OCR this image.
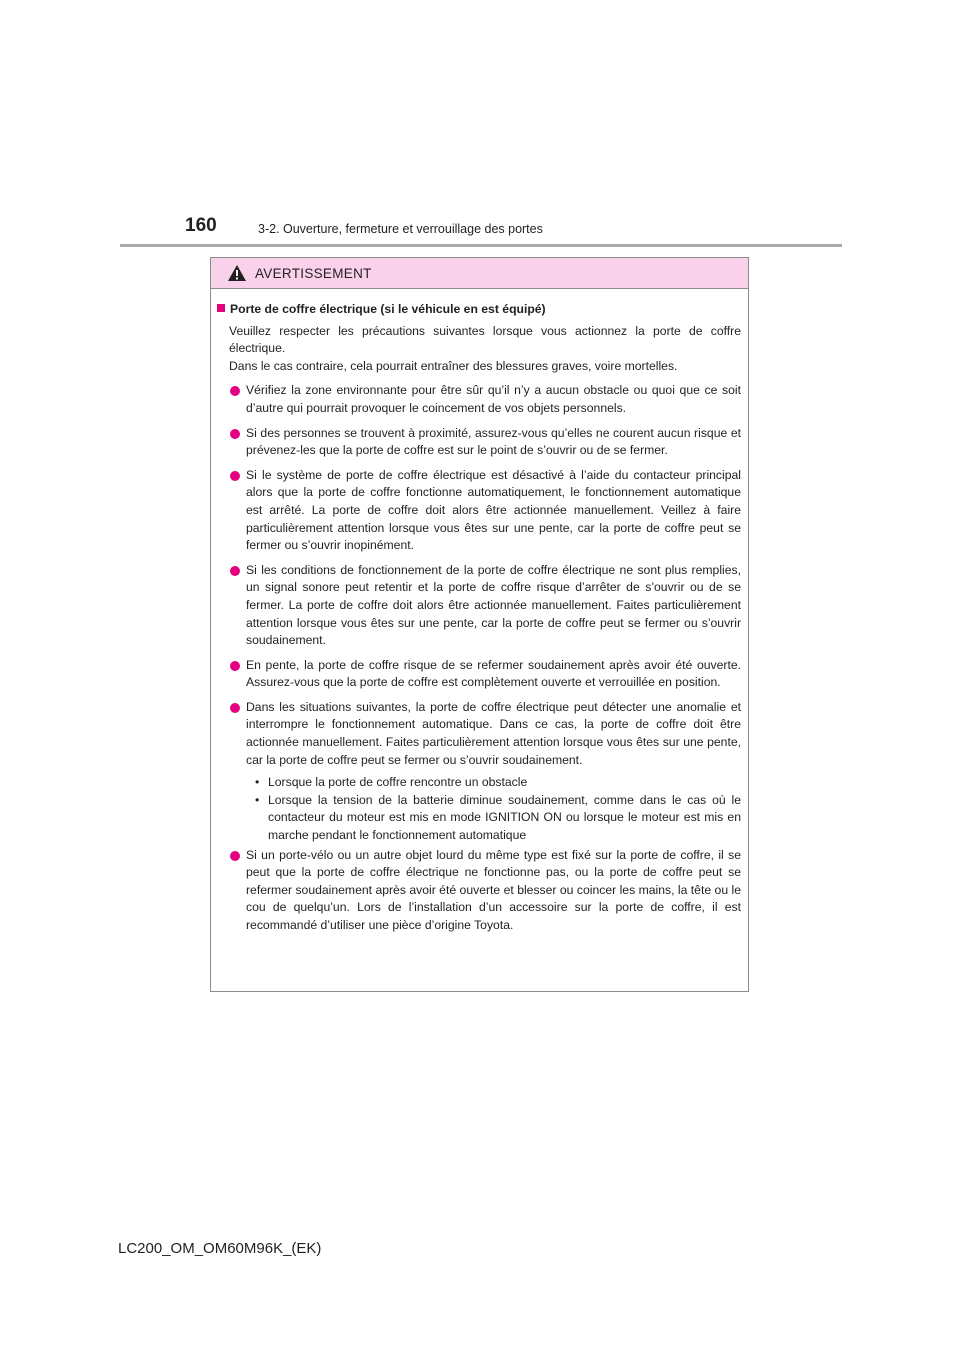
160	3-2. Ouverture, fermeture et verrouillage des portes
AVERTISSEMENT
Porte de coffre électrique (si le véhicule en est équipé)

Veuillez respecter les précautions suivantes lorsque vous actionnez la porte de coffre électrique.

Dans le cas contraire, cela pourrait entraîner des blessures graves, voire mortelles.

Vérifiez la zone environnante pour être sûr qu’il n’y a aucun obstacle ou quoi que ce soit d’autre qui pourrait provoquer le coincement de vos objets personnels.
Si des personnes se trouvent à proximité, assurez-vous qu’elles ne courent aucun risque et prévenez-les que la porte de coffre est sur le point de s’ouvrir ou de se fermer.
Si le système de porte de coffre électrique est désactivé à l’aide du contacteur principal alors que la porte de coffre fonctionne automatiquement, le fonctionnement automatique est arrêté. La porte de coffre doit alors être actionnée manuellement. Veillez à faire particulièrement attention lorsque vous êtes sur une pente, car la porte de coffre peut se fermer ou s’ouvrir inopinément.
Si les conditions de fonctionnement de la porte de coffre électrique ne sont plus remplies, un signal sonore peut retentir et la porte de coffre risque d’arrêter de s’ouvrir ou de se fermer. La porte de coffre doit alors être actionnée manuellement. Faites particulièrement attention lorsque vous êtes sur une pente, car la porte de coffre peut se fermer ou s’ouvrir soudainement.
En pente, la porte de coffre risque de se refermer soudainement après avoir été ouverte. Assurez-vous que la porte de coffre est complètement ouverte et verrouillée en position.
Dans les situations suivantes, la porte de coffre électrique peut détecter une anomalie et interrompre le fonctionnement automatique. Dans ce cas, la porte de coffre doit être actionnée manuellement. Faites particulièrement attention lorsque vous êtes sur une pente, car la porte de coffre peut se fermer ou s’ouvrir soudainement.
• Lorsque la porte de coffre rencontre un obstacle
• Lorsque la tension de la batterie diminue soudainement, comme dans le cas où le contacteur du moteur est mis en mode IGNITION ON ou lorsque le moteur est mis en marche pendant le fonctionnement automatique
Si un porte-vélo ou un autre objet lourd du même type est fixé sur la porte de coffre, il se peut que la porte de coffre électrique ne fonctionne pas, ou la porte de coffre peut se refermer soudainement après avoir été ouverte et blesser ou coincer les mains, la tête ou le cou de quelqu’un. Lors de l’installation d’un accessoire sur la porte de coffre, il est recommandé d’utiliser une pièce d’origine Toyota.
LC200_OM_OM60M96K_(EK)
